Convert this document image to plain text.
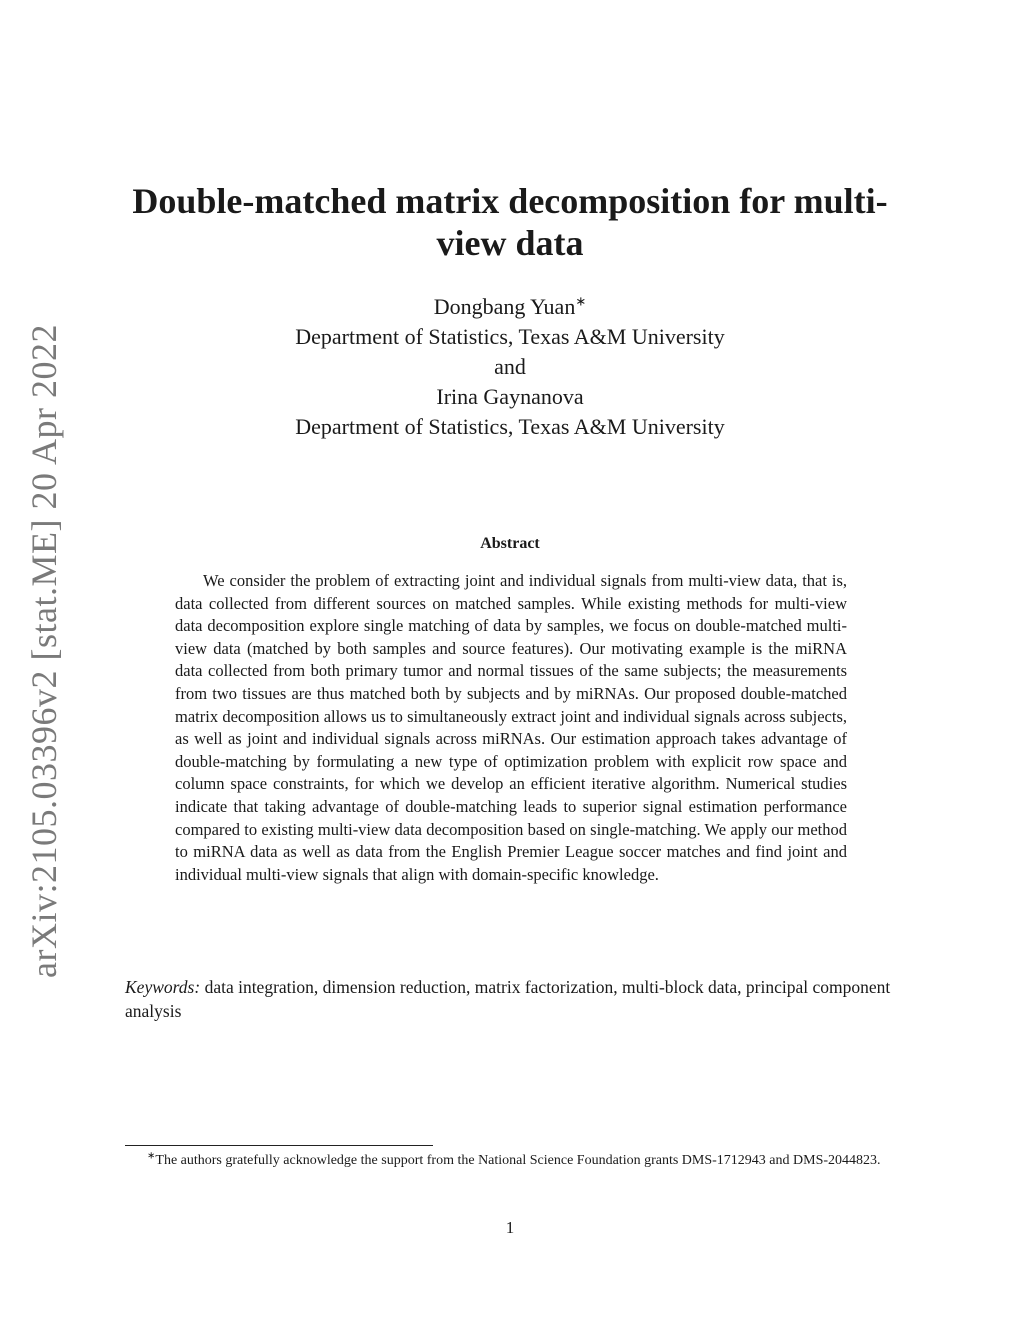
arXiv:2105.03396v2 [stat.ME] 20 Apr 2022
Double-matched matrix decomposition for multi-view data
Dongbang Yuan∗
Department of Statistics, Texas A&M University
and
Irina Gaynanova
Department of Statistics, Texas A&M University
Abstract

We consider the problem of extracting joint and individual signals from multi-view data, that is, data collected from different sources on matched samples. While existing methods for multi-view data decomposition explore single matching of data by samples, we focus on double-matched multi-view data (matched by both samples and source features). Our motivating example is the miRNA data collected from both primary tumor and normal tissues of the same subjects; the measurements from two tissues are thus matched both by subjects and by miRNAs. Our proposed double-matched matrix decomposition allows us to simultaneously extract joint and individual signals across subjects, as well as joint and individual signals across miRNAs. Our estimation approach takes advantage of double-matching by formulating a new type of optimization problem with explicit row space and column space constraints, for which we develop an efficient iterative algorithm. Numerical studies indicate that taking advantage of double-matching leads to superior signal estimation performance compared to existing multi-view data decomposition based on single-matching. We apply our method to miRNA data as well as data from the English Premier League soccer matches and find joint and individual multi-view signals that align with domain-specific knowledge.

Keywords: data integration, dimension reduction, matrix factorization, multi-block data, principal component analysis

∗The authors gratefully acknowledge the support from the National Science Foundation grants DMS-1712943 and DMS-2044823.

1
